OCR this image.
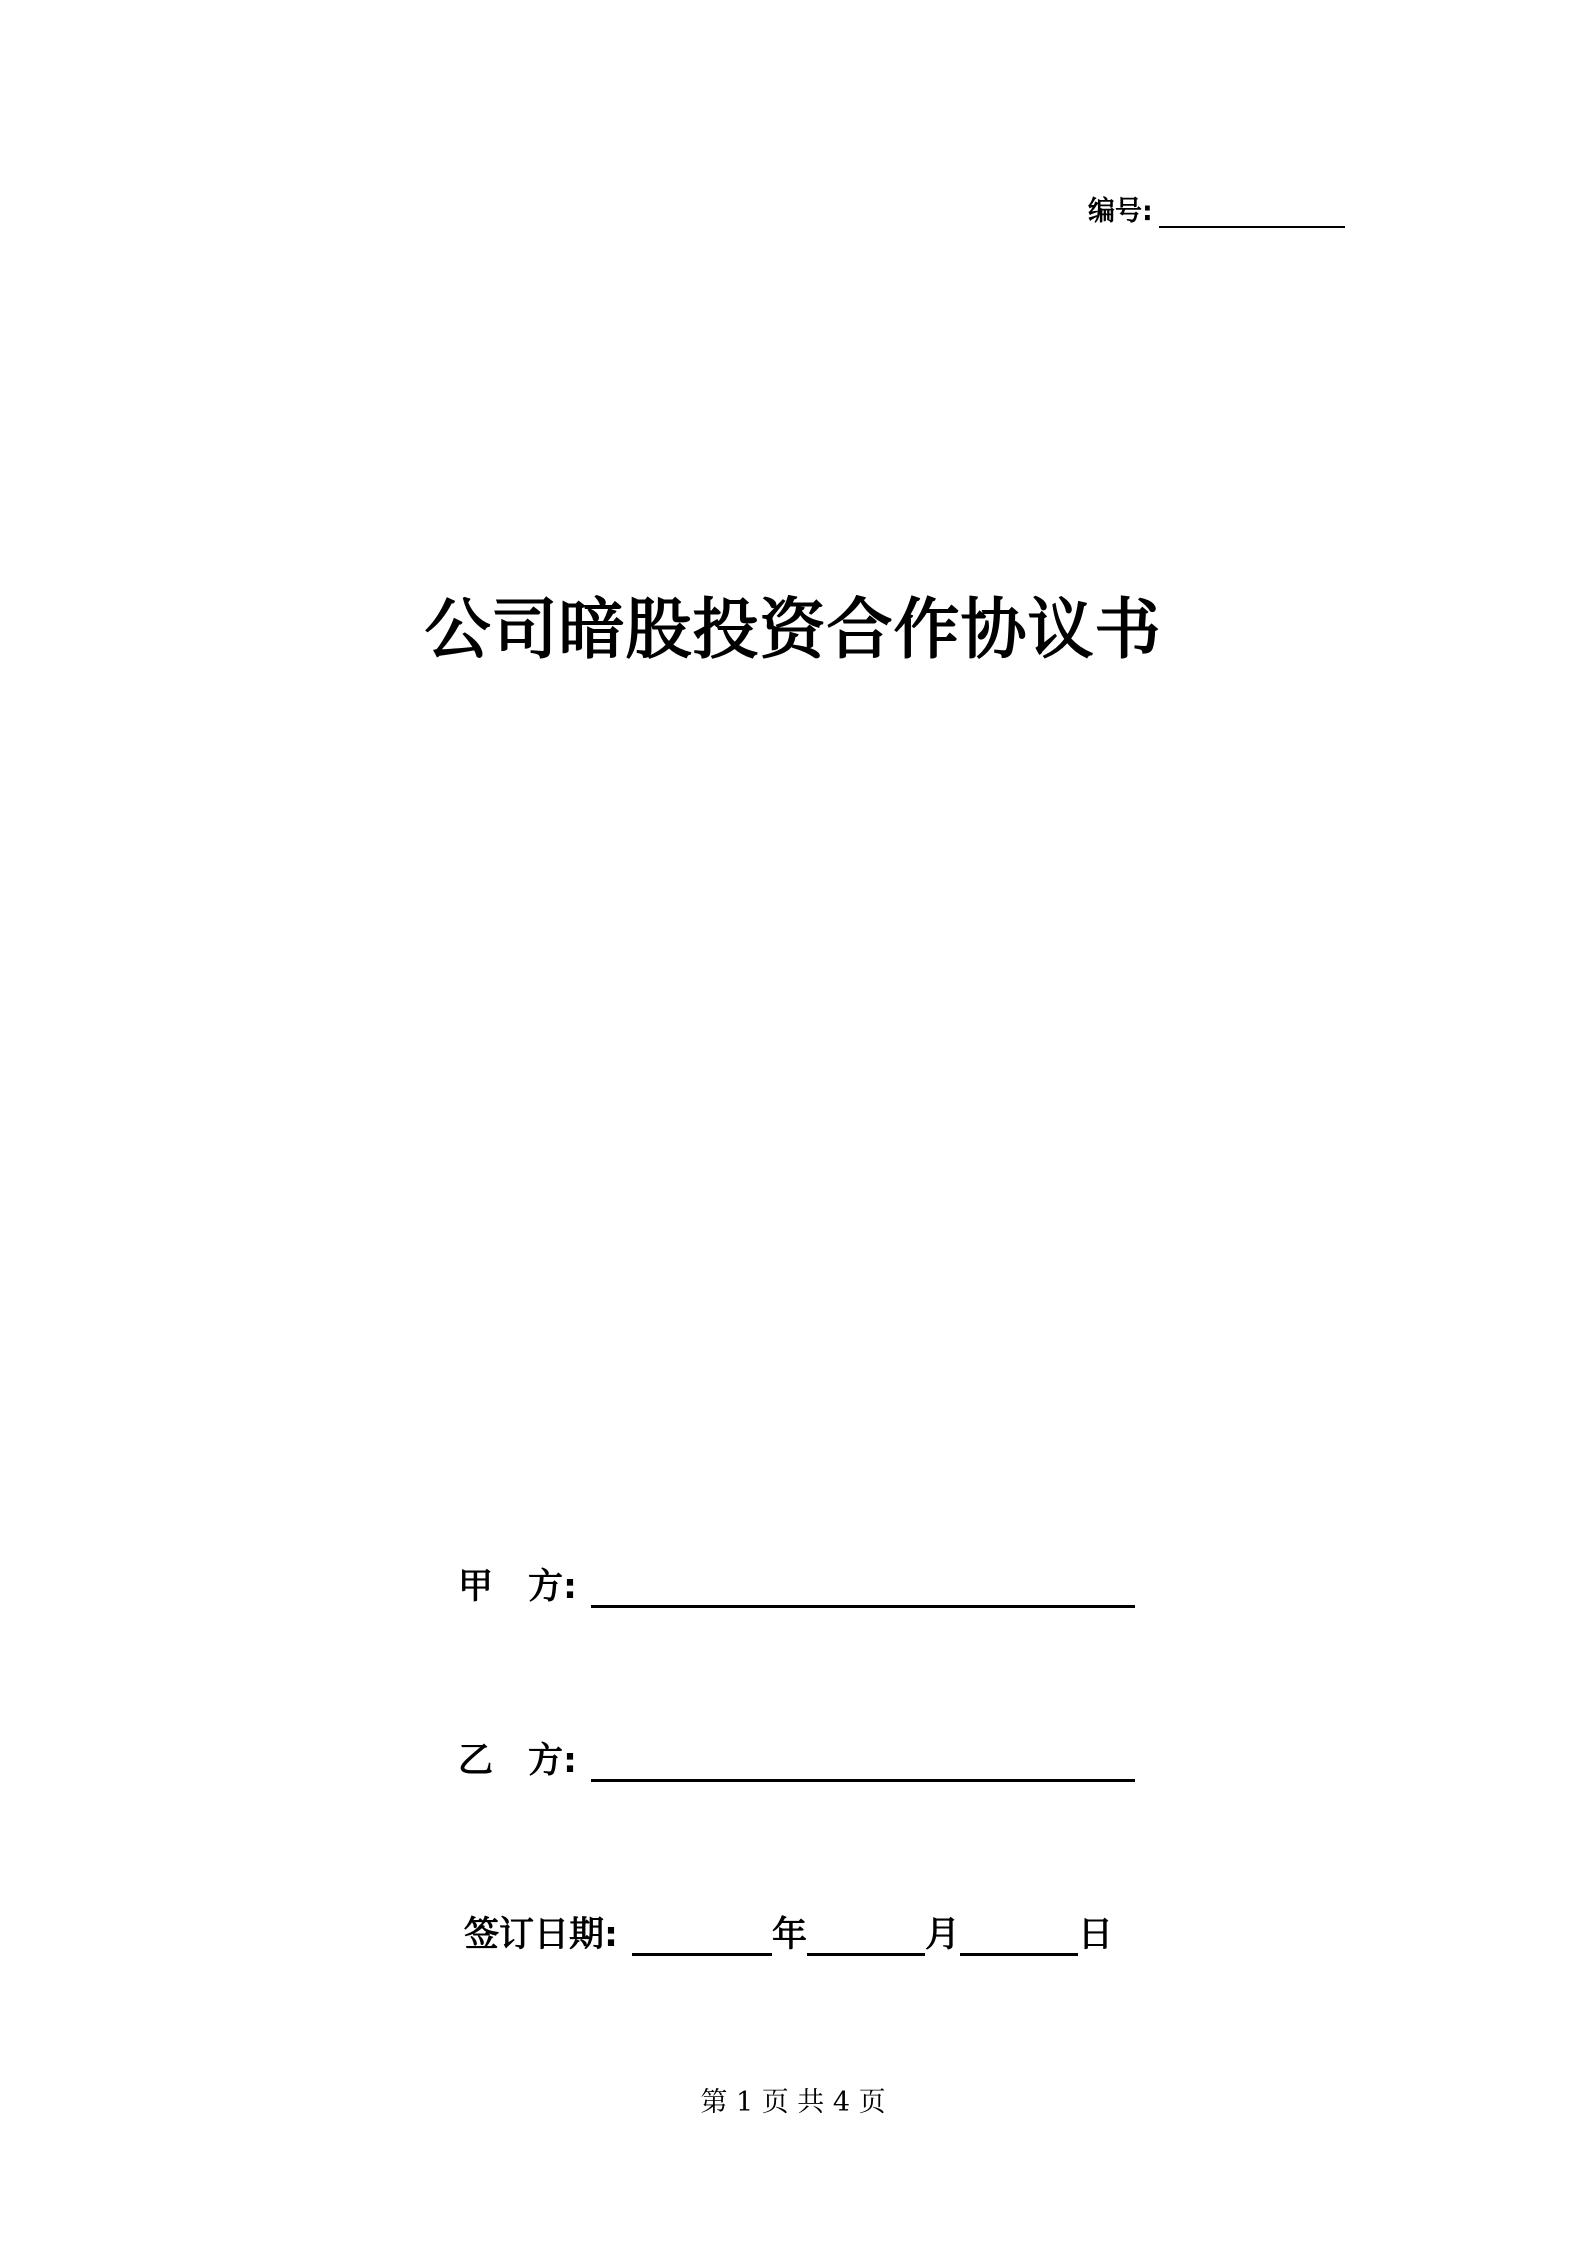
编号:
公司暗股投资合作协议书
甲　方:
乙　方:
签订日期:	年	月	日
第 1 页 共 4 页
